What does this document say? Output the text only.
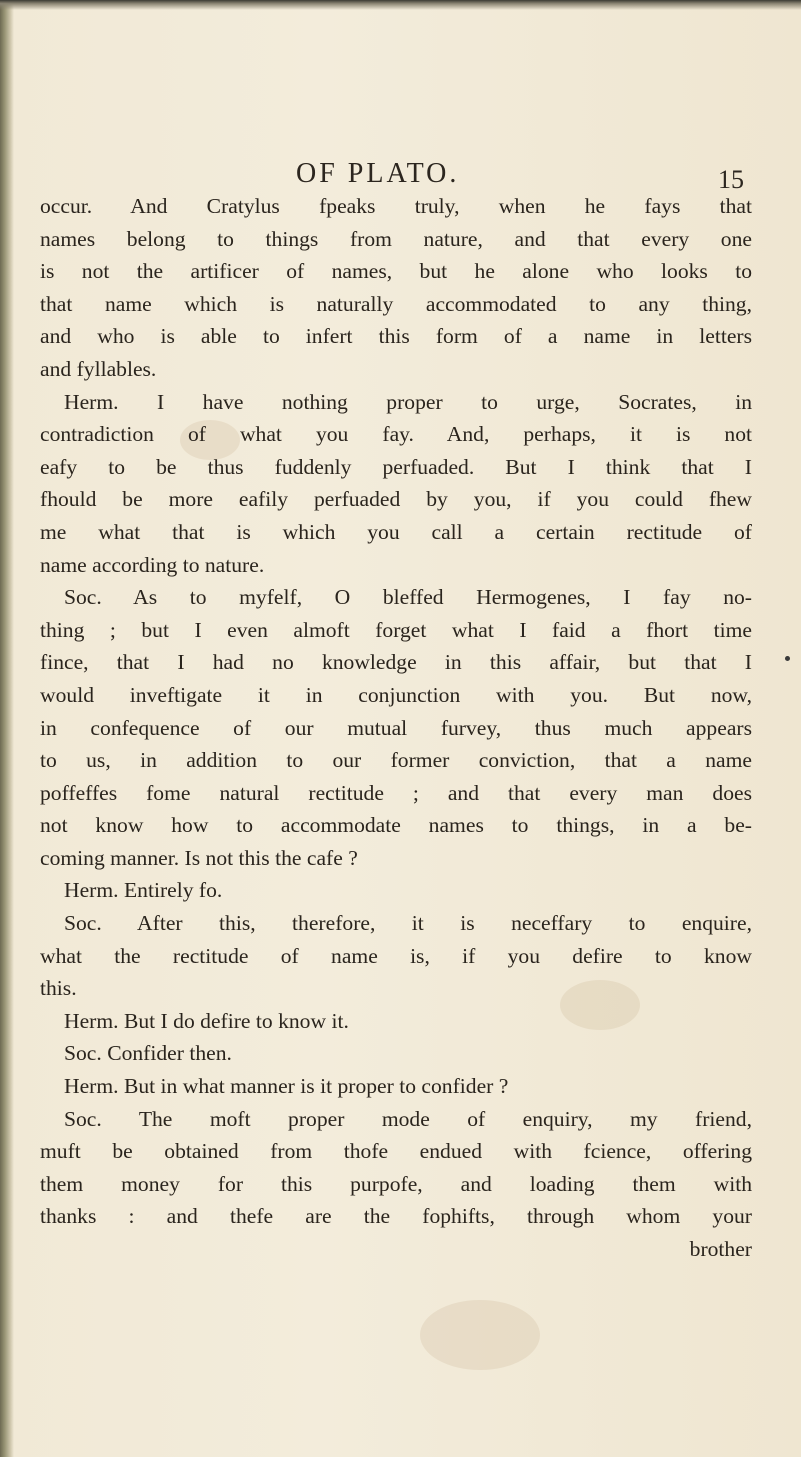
OF PLATO.	15
occur. And Cratylus fpeaks truly, when he fays that
names belong to things from nature, and that every one
is not the artificer of names, but he alone who looks to
that name which is naturally accommodated to any thing,
and who is able to infert this form of a name in letters
and fyllables.
Herm. I have nothing proper to urge, Socrates, in
contradiction of what you fay. And, perhaps, it is not
eafy to be thus fuddenly perfuaded. But I think that I
fhould be more eafily perfuaded by you, if you could fhew
me what that is which you call a certain rectitude of
name according to nature.
Soc. As to myfelf, O bleffed Hermogenes, I fay no-
thing ; but I even almoft forget what I faid a fhort time
fince, that I had no knowledge in this affair, but that I
would inveftigate it in conjunction with you. But now,
in confequence of our mutual furvey, thus much appears
to us, in addition to our former conviction, that a name
poffeffes fome natural rectitude ; and that every man does
not know how to accommodate names to things, in a be-
coming manner. Is not this the cafe ?
Herm. Entirely fo.
Soc. After this, therefore, it is neceffary to enquire,
what the rectitude of name is, if you defire to know
this.
Herm. But I do defire to know it.
Soc. Confider then.
Herm. But in what manner is it proper to confider ?
Soc. The moft proper mode of enquiry, my friend,
muft be obtained from thofe endued with fcience, offering
them money for this purpofe, and loading them with
thanks : and thefe are the fophifts, through whom your
brother
